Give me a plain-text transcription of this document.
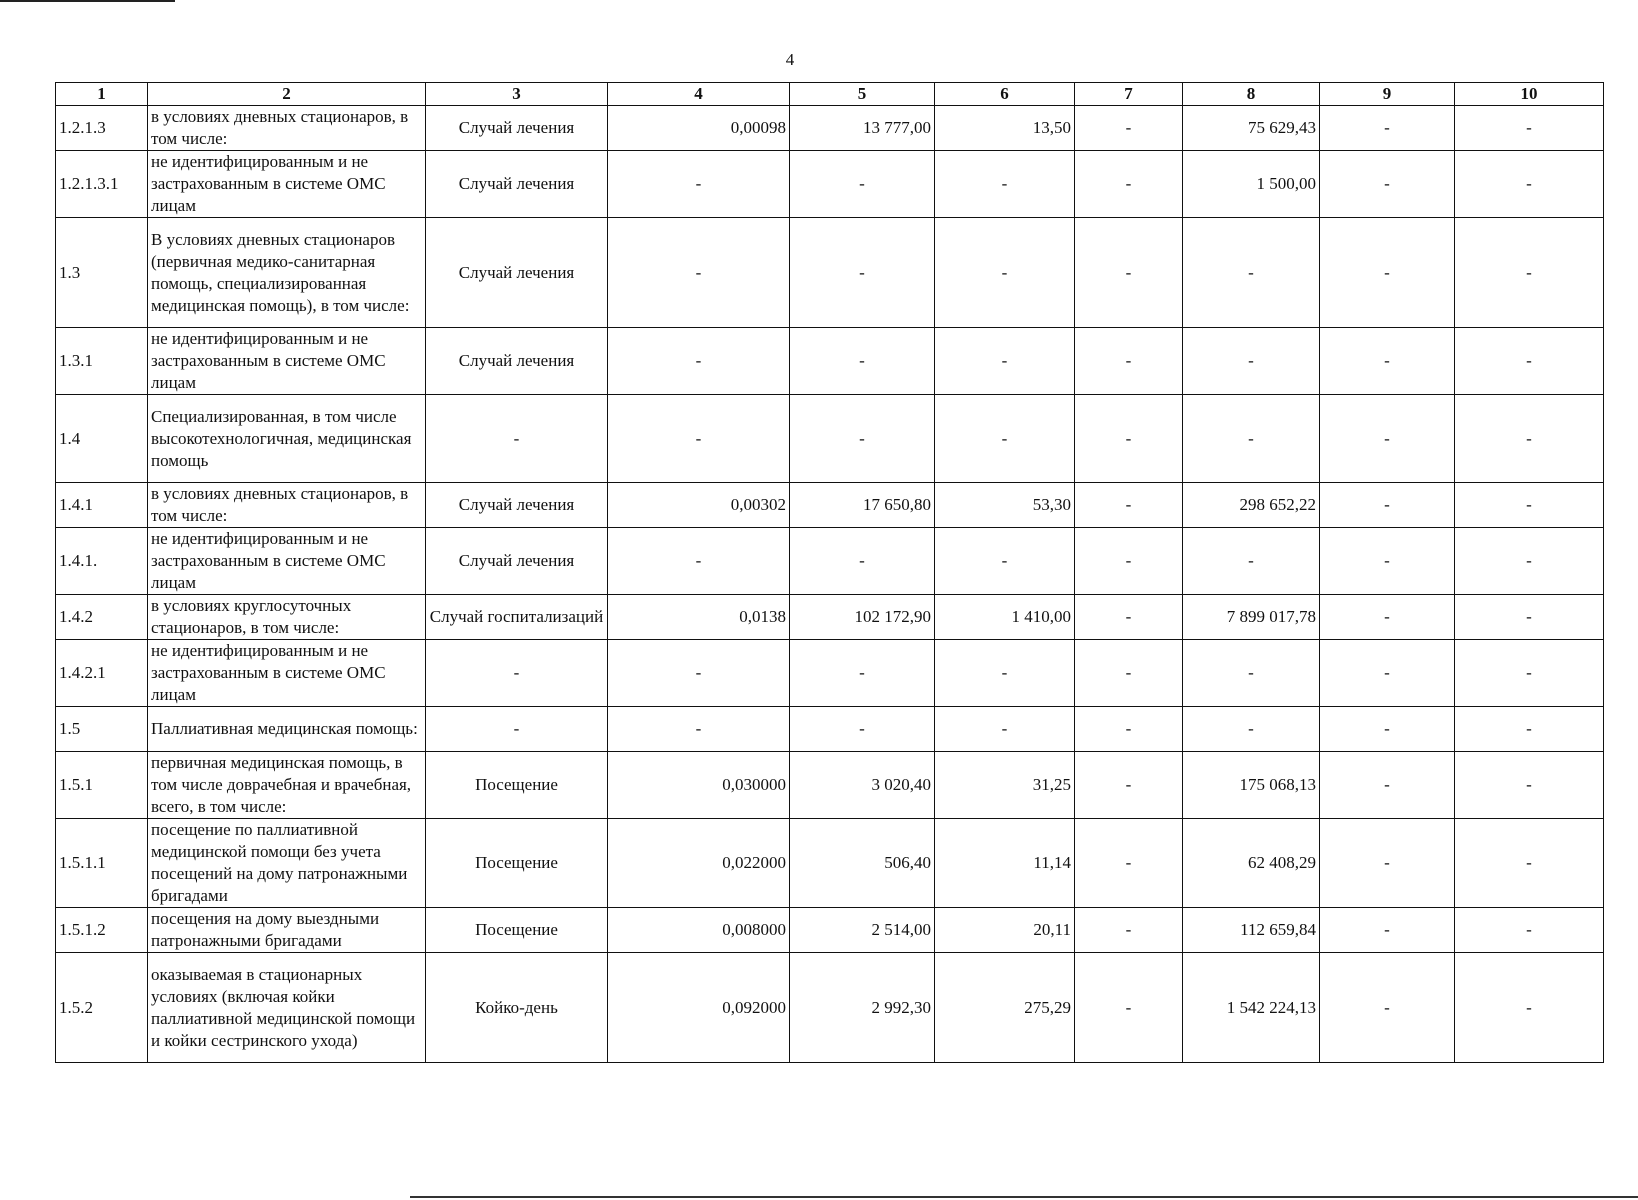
4
1	2	3	4	5	6	7	8	9	10
1.2.1.3	в условиях дневных стационаров, в том числе:	Случай лечения	0,00098	13 777,00	13,50	-	75 629,43	-	-
1.2.1.3.1	не идентифицированным и не застрахованным в системе ОМС лицам	Случай лечения	-	-	-	-	1 500,00	-	-
1.3	В условиях дневных стационаров (первичная медико-санитарная помощь, специализированная медицинская помощь), в том числе:	Случай лечения	-	-	-	-	-	-	-
1.3.1	не идентифицированным и не застрахованным в системе ОМС лицам	Случай лечения	-	-	-	-	-	-	-
1.4	Специализированная, в том числе высокотехнологичная, медицинская помощь	-	-	-	-	-	-	-	-
1.4.1	в условиях дневных стационаров, в том числе:	Случай лечения	0,00302	17 650,80	53,30	-	298 652,22	-	-
1.4.1.	не идентифицированным и не застрахованным в системе ОМС лицам	Случай лечения	-	-	-	-	-	-	-
1.4.2	в условиях круглосуточных стационаров, в том числе:	Случай госпитализаций	0,0138	102 172,90	1 410,00	-	7 899 017,78	-	-
1.4.2.1	не идентифицированным и не застрахованным в системе ОМС лицам	-	-	-	-	-	-	-	-
1.5	Паллиативная медицинская помощь:	-	-	-	-	-	-	-	-
1.5.1	первичная медицинская помощь, в том числе доврачебная и врачебная, всего, в том числе:	Посещение	0,030000	3 020,40	31,25	-	175 068,13	-	-
1.5.1.1	посещение по паллиативной медицинской помощи без учета посещений на дому патронажными бригадами	Посещение	0,022000	506,40	11,14	-	62 408,29	-	-
1.5.1.2	посещения на дому выездными патронажными бригадами	Посещение	0,008000	2 514,00	20,11	-	112 659,84	-	-
1.5.2	оказываемая в стационарных условиях (включая койки паллиативной медицинской помощи и койки сестринского ухода)	Койко-день	0,092000	2 992,30	275,29	-	1 542 224,13	-	-
